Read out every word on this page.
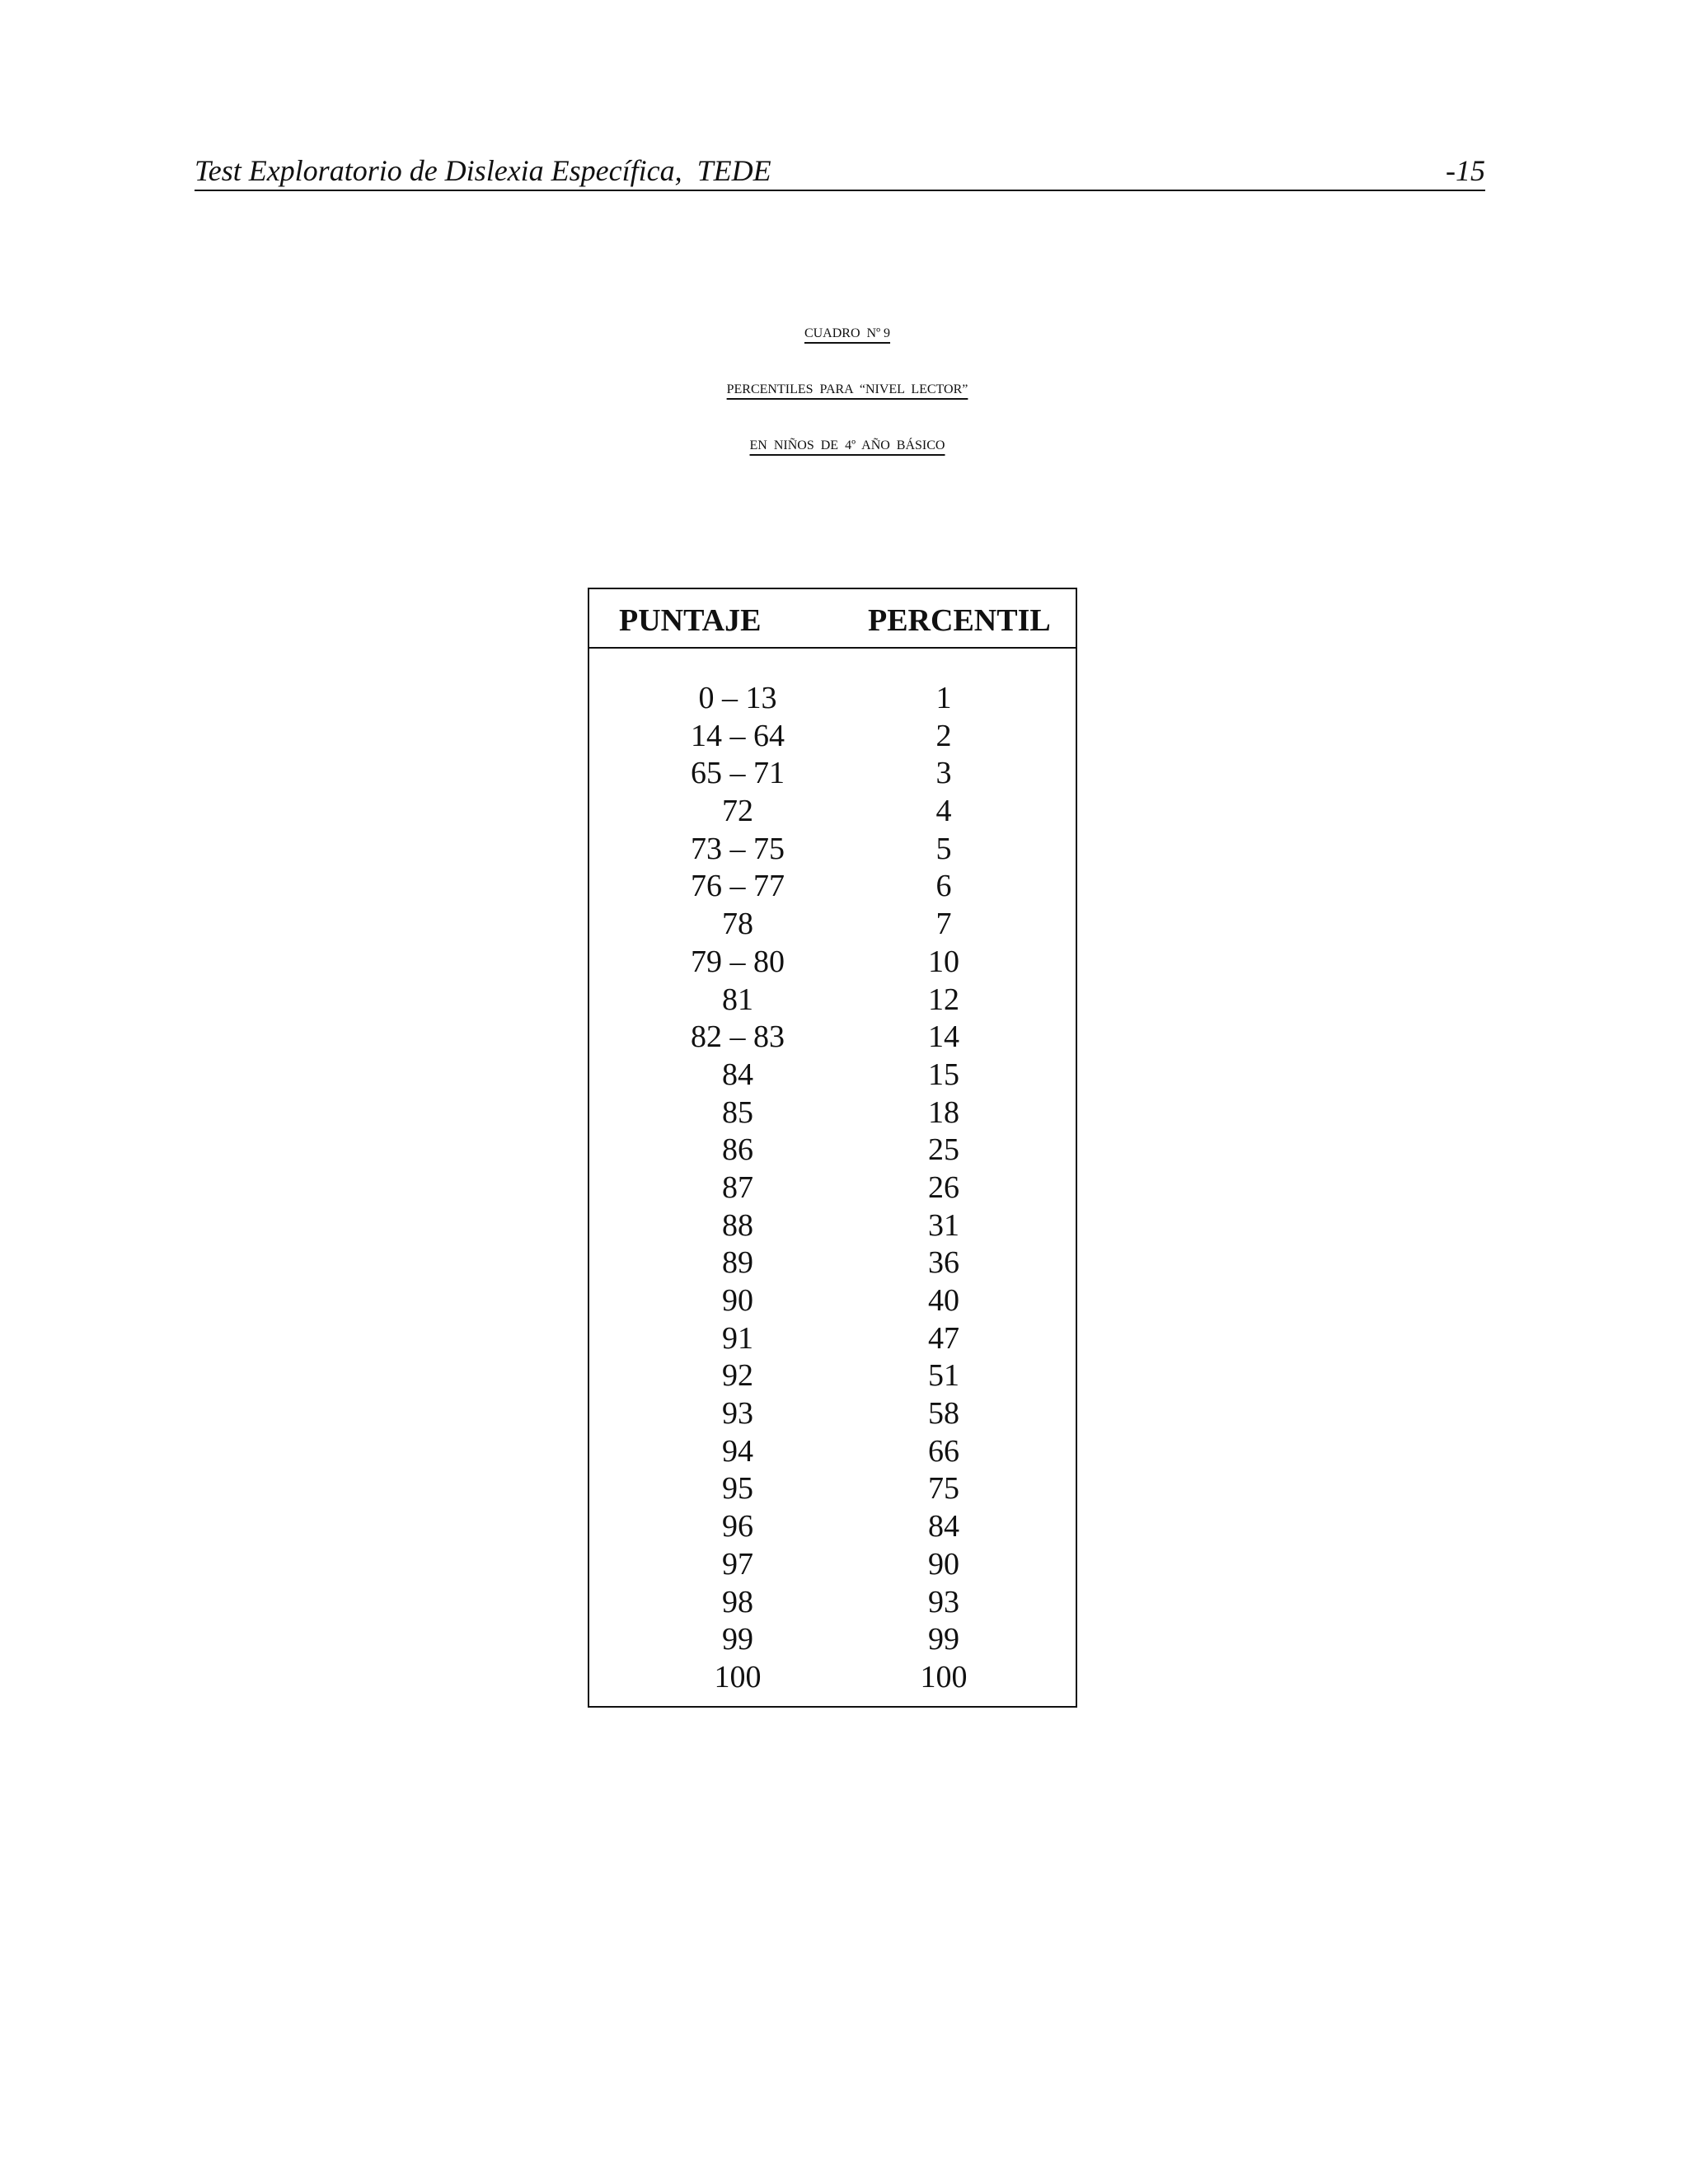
Test Exploratorio de Dislexia Específica,  TEDE	-15

CUADRO  Nº 9

PERCENTILES  PARA  “NIVEL  LECTOR”

EN  NIÑOS  DE  4º  AÑO  BÁSICO

PUNTAJE	PERCENTIL
0 – 13	1
14 – 64	2
65 – 71	3
72	4
73 – 75	5
76 – 77	6
78	7
79 – 80	10
81	12
82 – 83	14
84	15
85	18
86	25
87	26
88	31
89	36
90	40
91	47
92	51
93	58
94	66
95	75
96	84
97	90
98	93
99	99
100	100
